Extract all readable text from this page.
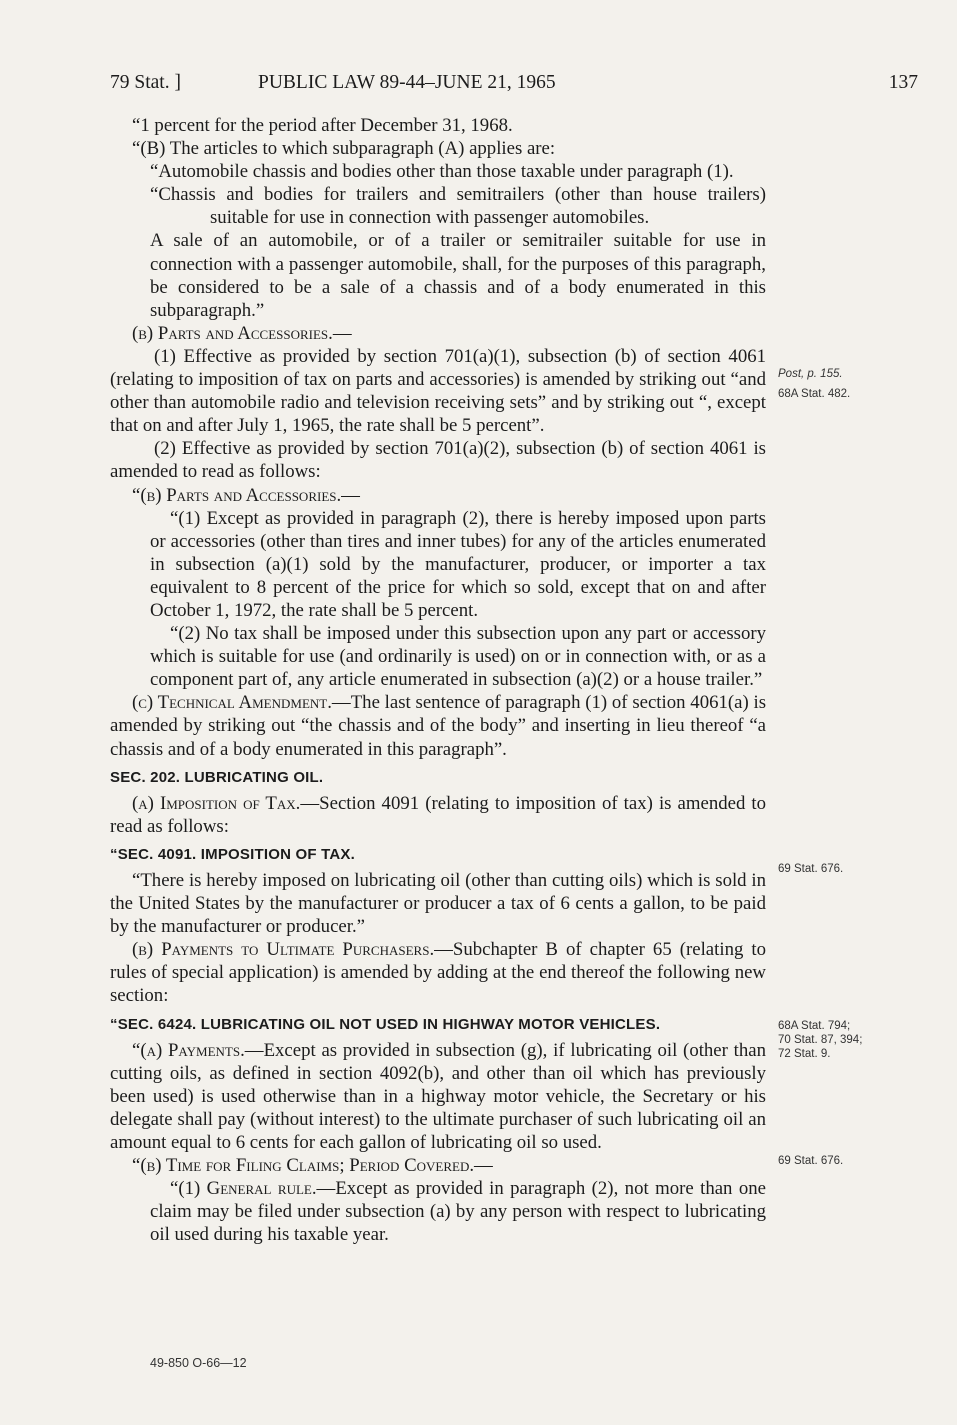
79 Stat. ]	PUBLIC LAW 89-44–JUNE 21, 1965	137

“1 percent for the period after December 31, 1968.

“(B) The articles to which subparagraph (A) applies are:

“Automobile chassis and bodies other than those taxable under paragraph (1).

“Chassis and bodies for trailers and semitrailers (other than house trailers) suitable for use in connection with passenger automobiles.

A sale of an automobile, or of a trailer or semitrailer suitable for use in connection with a passenger automobile, shall, for the purposes of this paragraph, be considered to be a sale of a chassis and of a body enumerated in this subparagraph.”

(b) Parts and Accessories.—

(1) Effective as provided by section 701(a)(1), subsection (b) of section 4061 (relating to imposition of tax on parts and accessories) is amended by striking out “and other than automobile radio and television receiving sets” and by striking out “, except that on and after July 1, 1965, the rate shall be 5 percent”.

(2) Effective as provided by section 701(a)(2), subsection (b) of section 4061 is amended to read as follows:

“(b) Parts and Accessories.—

“(1) Except as provided in paragraph (2), there is hereby imposed upon parts or accessories (other than tires and inner tubes) for any of the articles enumerated in subsection (a)(1) sold by the manufacturer, producer, or importer a tax equivalent to 8 percent of the price for which so sold, except that on and after October 1, 1972, the rate shall be 5 percent.

“(2) No tax shall be imposed under this subsection upon any part or accessory which is suitable for use (and ordinarily is used) on or in connection with, or as a component part of, any article enumerated in subsection (a)(2) or a house trailer.”

(c) Technical Amendment.—The last sentence of paragraph (1) of section 4061(a) is amended by striking out “the chassis and of the body” and inserting in lieu thereof “a chassis and of a body enumerated in this paragraph”.

SEC. 202. LUBRICATING OIL.

(a) Imposition of Tax.—Section 4091 (relating to imposition of tax) is amended to read as follows:

“SEC. 4091. IMPOSITION OF TAX.

“There is hereby imposed on lubricating oil (other than cutting oils) which is sold in the United States by the manufacturer or producer a tax of 6 cents a gallon, to be paid by the manufacturer or producer.”

(b) Payments to Ultimate Purchasers.—Subchapter B of chapter 65 (relating to rules of special application) is amended by adding at the end thereof the following new section:

“SEC. 6424. LUBRICATING OIL NOT USED IN HIGHWAY MOTOR VEHICLES.

“(a) Payments.—Except as provided in subsection (g), if lubricating oil (other than cutting oils, as defined in section 4092(b), and other than oil which has previously been used) is used otherwise than in a highway motor vehicle, the Secretary or his delegate shall pay (without interest) to the ultimate purchaser of such lubricating oil an amount equal to 6 cents for each gallon of lubricating oil so used.

“(b) Time for Filing Claims; Period Covered.—

“(1) General rule.—Except as provided in paragraph (2), not more than one claim may be filed under subsection (a) by any person with respect to lubricating oil used during his taxable year.

Post, p. 155.
68A Stat. 482.
69 Stat. 676.
68A Stat. 794;
70 Stat. 87, 394;
72 Stat. 9.
69 Stat. 676.
49-850 O-66—12
